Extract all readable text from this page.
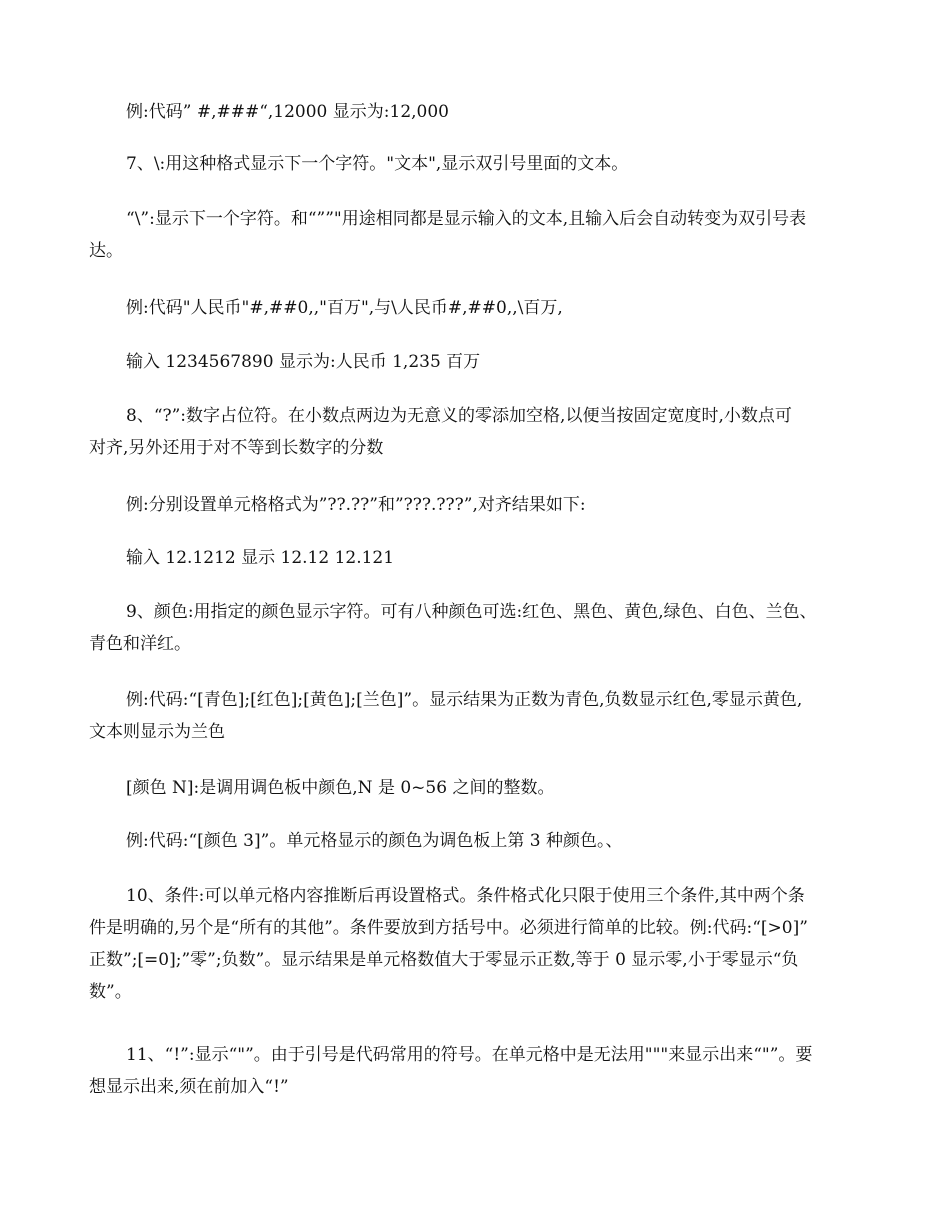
例:代码” #,###“,12000 显示为:12,000
7、\:用这种格式显示下一个字符。"文本",显示双引号里面的文本。
“\”:显示下一个字符。和“””"用途相同都是显示输入的文本,且输入后会自动转变为双引号表
达。
例:代码"人民币"#,##0,,"百万",与\人民币#,##0,,\百万,
输入 1234567890 显示为:人民币 1,235 百万
8、“?”:数字占位符。在小数点两边为无意义的零添加空格,以便当按固定宽度时,小数点可
对齐,另外还用于对不等到长数字的分数
例:分别设置单元格格式为”??.??”和”???.???”,对齐结果如下:
输入 12.1212 显示 12.12 12.121
9、颜色:用指定的颜色显示字符。可有八种颜色可选:红色、黑色、黄色,绿色、白色、兰色、
青色和洋红。
例:代码:“[青色];[红色];[黄色];[兰色]”。显示结果为正数为青色,负数显示红色,零显示黄色,
文本则显示为兰色
[颜色 N]:是调用调色板中颜色,N 是 0~56 之间的整数。
例:代码:“[颜色 3]”。单元格显示的颜色为调色板上第 3 种颜色。、
10、条件:可以单元格内容推断后再设置格式。条件格式化只限于使用三个条件,其中两个条
件是明确的,另个是“所有的其他”。条件要放到方括号中。必须进行简单的比较。例:代码:“[>0]”
正数”;[=0];”零”;负数”。显示结果是单元格数值大于零显示正数,等于 0 显示零,小于零显示“负
数”。
11、“!”:显示“"”。由于引号是代码常用的符号。在单元格中是无法用"""来显示出来“"”。要
想显示出来,须在前加入“!”
